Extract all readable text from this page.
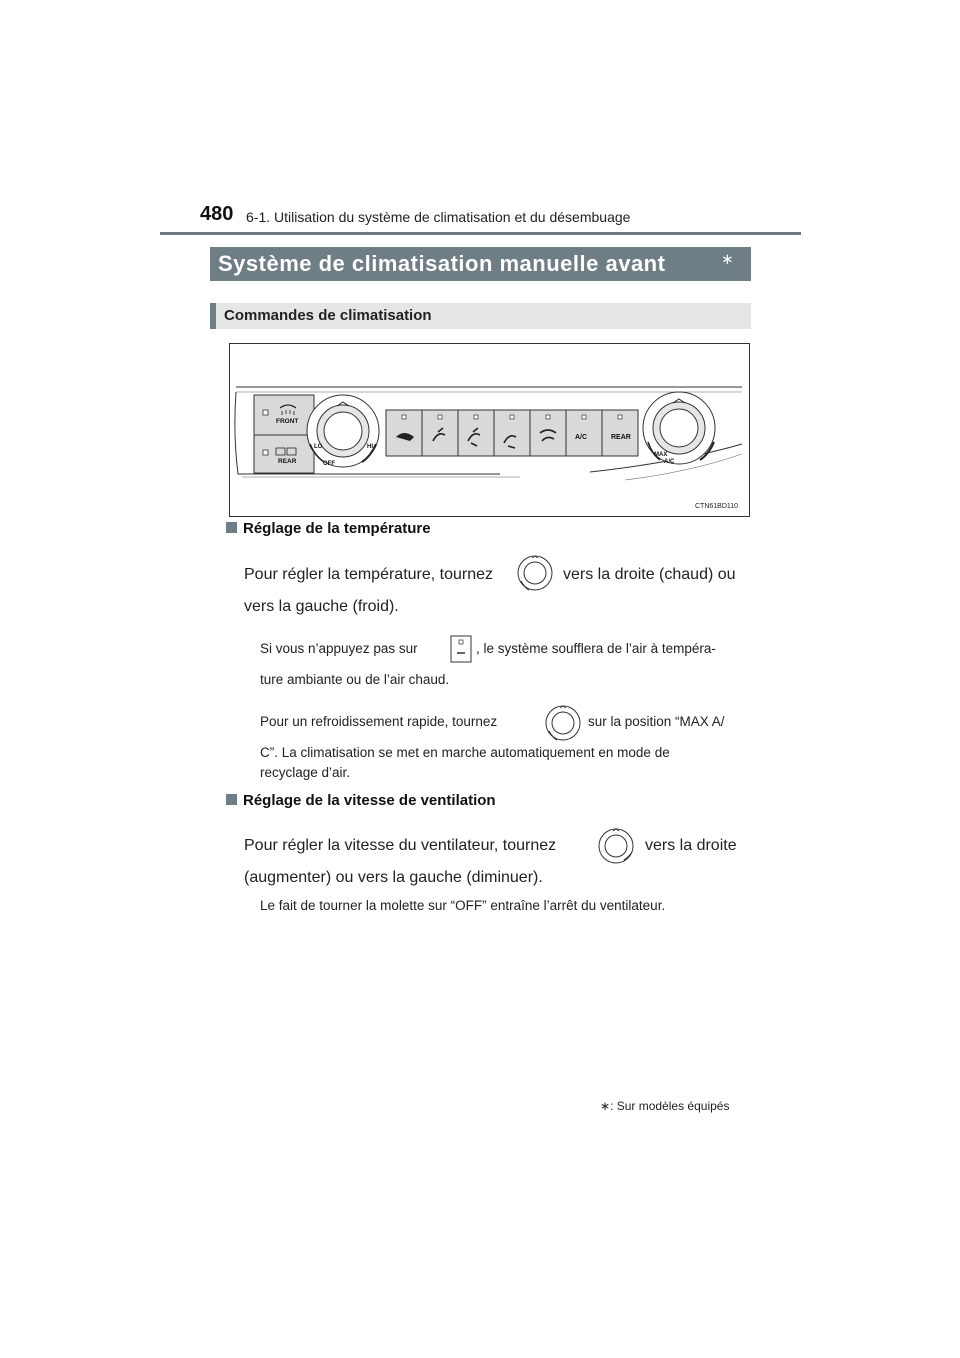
480 6-1. Utilisation du système de climatisation et du désembuage
Système de climatisation manuelle avant	∗
Commandes de climatisation
FRONT
REAR
LO	HI
OFF
A/C	REAR
MAX
A/C
CTN61BD110
Réglage de la température
Pour régler la température, tournez	vers la droite (chaud) ou
vers la gauche (froid).
Si vous n’appuyez pas sur	, le système soufflera de l’air à tempéra-
ture ambiante ou de l’air chaud.
Pour un refroidissement rapide, tournez	sur la position “MAX A/
C”. La climatisation se met en marche automatiquement en mode de
recyclage d’air.
Réglage de la vitesse de ventilation
Pour régler la vitesse du ventilateur, tournez	vers la droite
(augmenter) ou vers la gauche (diminuer).
Le fait de tourner la molette sur “OFF” entraîne l’arrêt du ventilateur.
∗: Sur modèles équipés
